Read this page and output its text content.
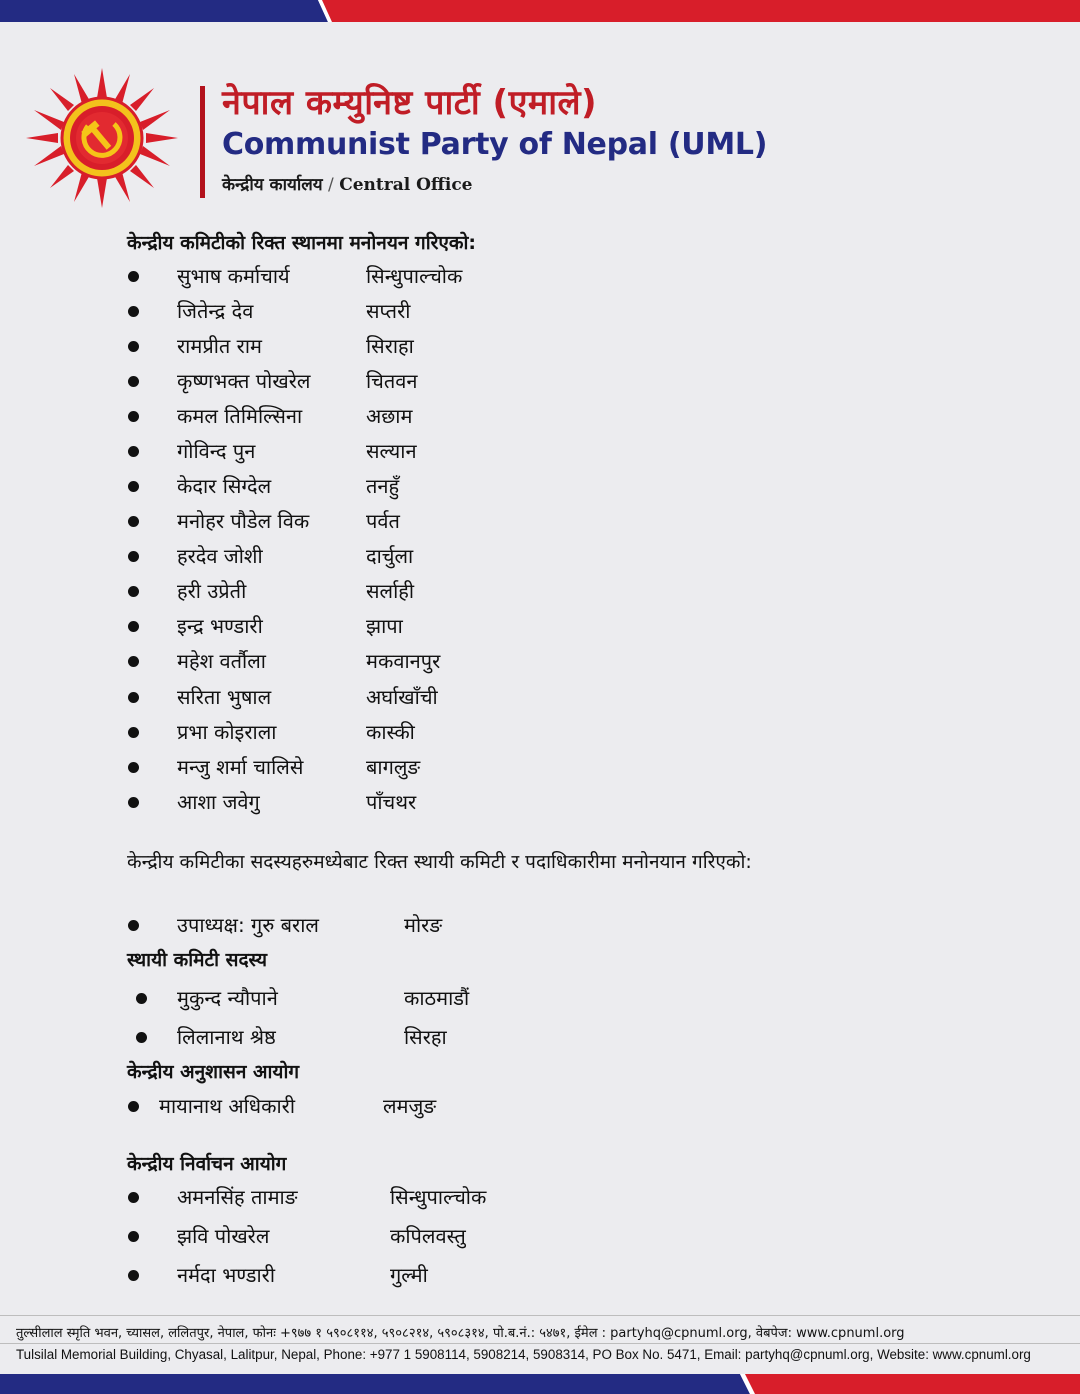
नेपाल कम्युनिष्ट पार्टी (एमाले)
Communist Party of Nepal (UML)
केन्द्रीय कार्यालय / Central Office
केन्द्रीय कमिटीको रिक्त स्थानमा मनोनयन गरिएको:
सुभाष कर्माचार्य	सिन्धुपाल्चोक
जितेन्द्र देव	सप्तरी
रामप्रीत राम	सिराहा
कृष्णभक्त पोखरेल	चितवन
कमल तिमिल्सिना	अछाम
गोविन्द पुन	सल्यान
केदार सिग्देल	तनहुँ
मनोहर पौडेल विक	पर्वत
हरदेव जोशी	दार्चुला
हरी उप्रेती	सर्लाही
इन्द्र भण्डारी	झापा
महेश वर्तौला	मकवानपुर
सरिता भुषाल	अर्घाखाँची
प्रभा कोइराला	कास्की
मन्जु शर्मा चालिसे	बागलुङ
आशा जवेगु	पाँचथर
केन्द्रीय कमिटीका सदस्यहरुमध्येबाट रिक्त स्थायी कमिटी र पदाधिकारीमा मनोनयान गरिएको:
उपाध्यक्ष: गुरु बराल	मोरङ
स्थायी कमिटी सदस्य
मुकुन्द न्यौपाने	काठमाडौं
लिलानाथ श्रेष्ठ	सिरहा
केन्द्रीय अनुशासन आयोग
मायानाथ अधिकारी	लमजुङ
केन्द्रीय निर्वाचन आयोग
अमनसिंह तामाङ	सिन्धुपाल्चोक
झवि पोखरेल	कपिलवस्तु
नर्मदा भण्डारी	गुल्मी
तुल्सीलाल स्मृति भवन, च्यासल, ललितपुर, नेपाल, फोनः +९७७ १ ५९०८११४, ५९०८२१४, ५९०८३१४, पो.ब.नं.: ५४७१, ईमेल : partyhq@cpnuml.org, वेबपेज: www.cpnuml.org
Tulsilal Memorial Building, Chyasal, Lalitpur, Nepal, Phone: +977 1 5908114, 5908214, 5908314, PO Box No. 5471, Email: partyhq@cpnuml.org, Website: www.cpnuml.org
